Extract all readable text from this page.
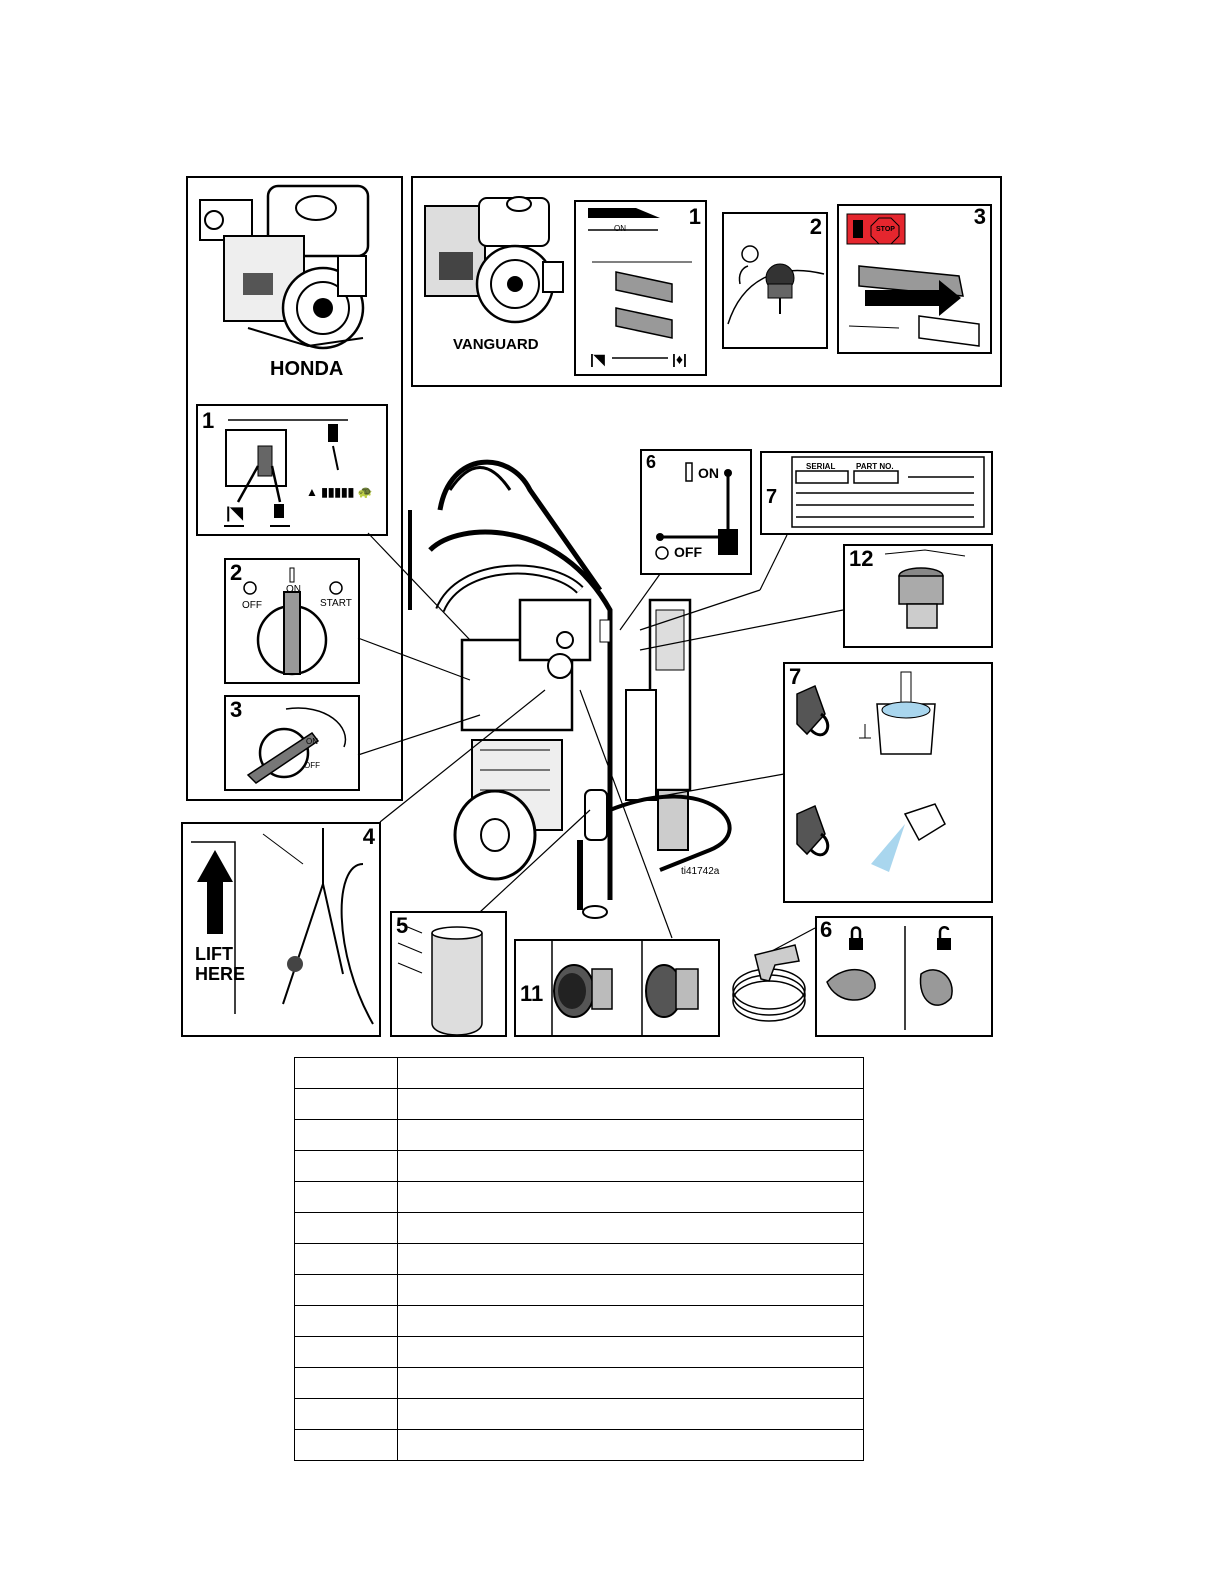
HONDA
1
▲ ▮▮▮▮▮ 🐢
|◥
2
OFF
ON
START
3
ON
OFF
VANGUARD
1
|◥	|♦|
ON	2	3
STOP
ti41742a
6
ON
OFF
7
SERIAL	PART NO.
12
4
LIFT
HERE
5
11
6
7
